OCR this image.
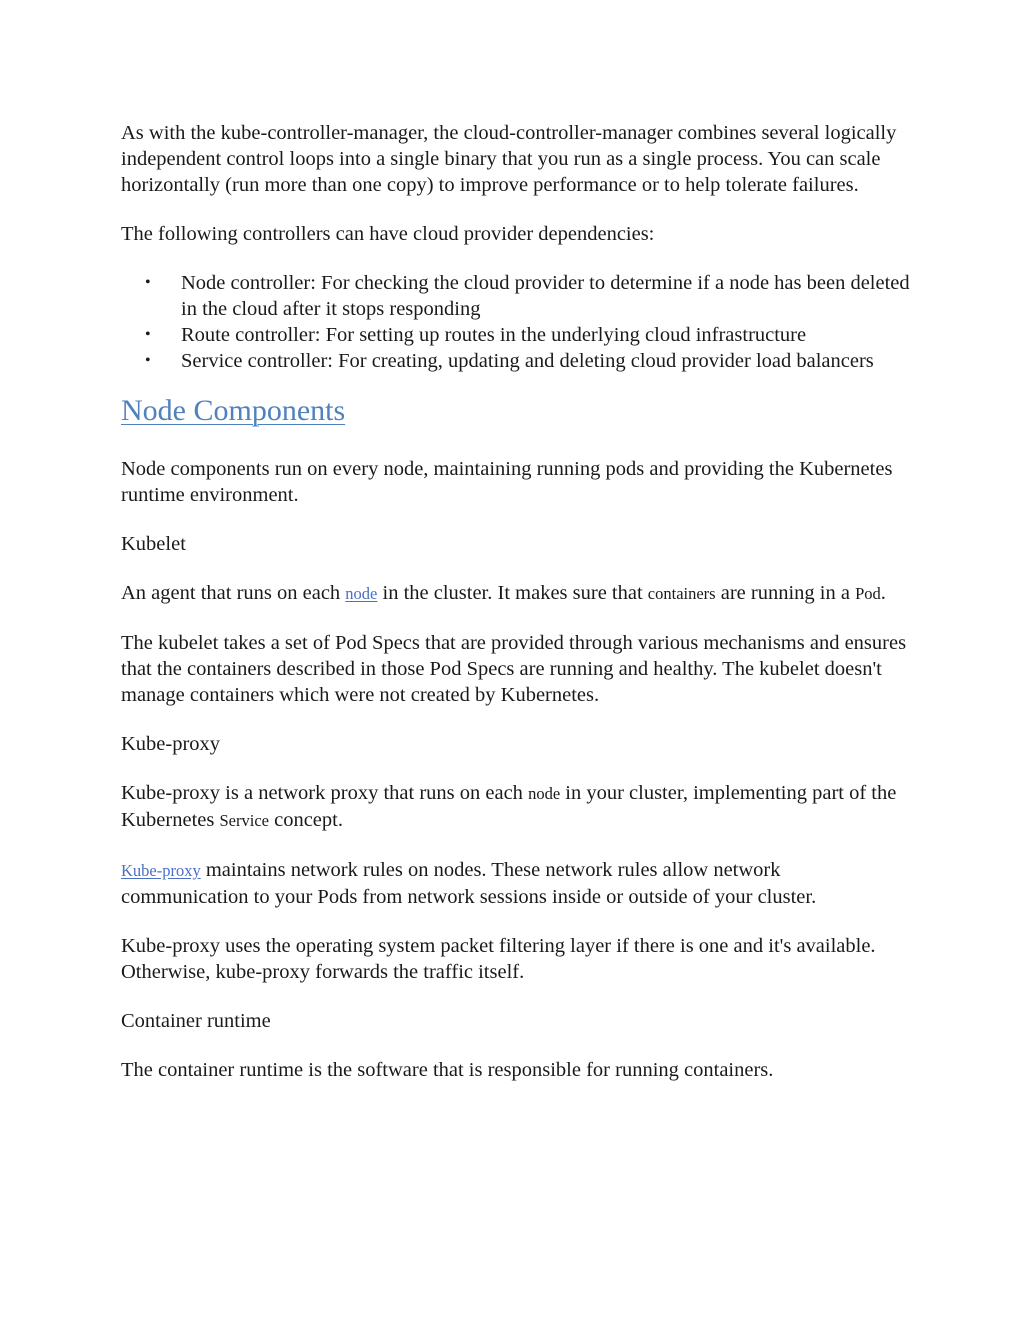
As with the kube-controller-manager, the cloud-controller-manager combines several logically independent control loops into a single binary that you run as a single process. You can scale horizontally (run more than one copy) to improve performance or to help tolerate failures.

The following controllers can have cloud provider dependencies:

• Node controller: For checking the cloud provider to determine if a node has been deleted in the cloud after it stops responding
• Route controller: For setting up routes in the underlying cloud infrastructure
• Service controller: For creating, updating and deleting cloud provider load balancers
Node Components

Node components run on every node, maintaining running pods and providing the Kubernetes runtime environment.

Kubelet

An agent that runs on each node in the cluster. It makes sure that containers are running in a Pod.

The kubelet takes a set of Pod Specs that are provided through various mechanisms and ensures that the containers described in those Pod Specs are running and healthy. The kubelet doesn't manage containers which were not created by Kubernetes.

Kube-proxy

Kube-proxy is a network proxy that runs on each node in your cluster, implementing part of the Kubernetes Service concept.

Kube-proxy maintains network rules on nodes. These network rules allow network communication to your Pods from network sessions inside or outside of your cluster.

Kube-proxy uses the operating system packet filtering layer if there is one and it's available. Otherwise, kube-proxy forwards the traffic itself.

Container runtime

The container runtime is the software that is responsible for running containers.
